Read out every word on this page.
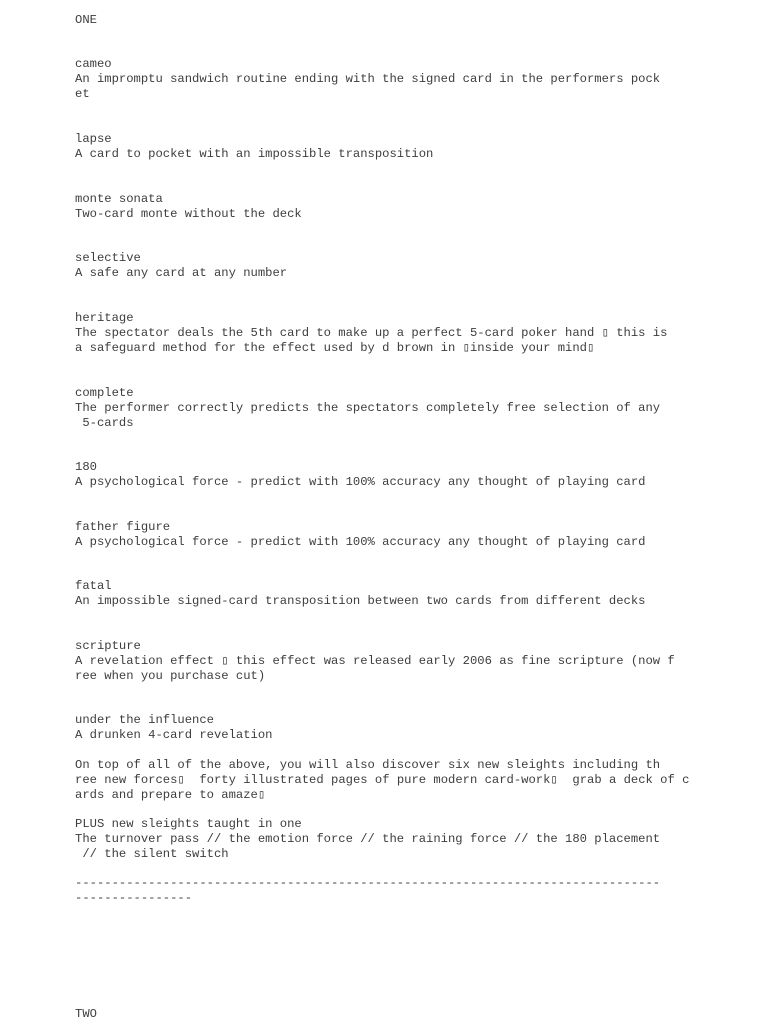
ONE

cameo

An impromptu sandwich routine ending with the signed card in the performers pock

et

lapse

A card to pocket with an impossible transposition

monte sonata

Two-card monte without the deck

selective

A safe any card at any number

heritage

The spectator deals the 5th card to make up a perfect 5-card poker hand ▯ this is

a safeguard method for the effect used by d brown in ▯inside your mind▯

complete

The performer correctly predicts the spectators completely free selection of any

5-cards

180

A psychological force - predict with 100% accuracy any thought of playing card

father figure

A psychological force - predict with 100% accuracy any thought of playing card

fatal

An impossible signed-card transposition between two cards from different decks

scripture

A revelation effect ▯ this effect was released early 2006 as fine scripture (now f

ree when you purchase cut)

under the influence

A drunken 4-card revelation

On top of all of the above, you will also discover six new sleights including th

ree new forces▯  forty illustrated pages of pure modern card-work▯  grab a deck of c

ards and prepare to amaze▯

PLUS new sleights taught in one

The turnover pass // the emotion force // the raining force // the 180 placement

// the silent switch

--------------------------------------------------------------------------------

----------------

TWO
